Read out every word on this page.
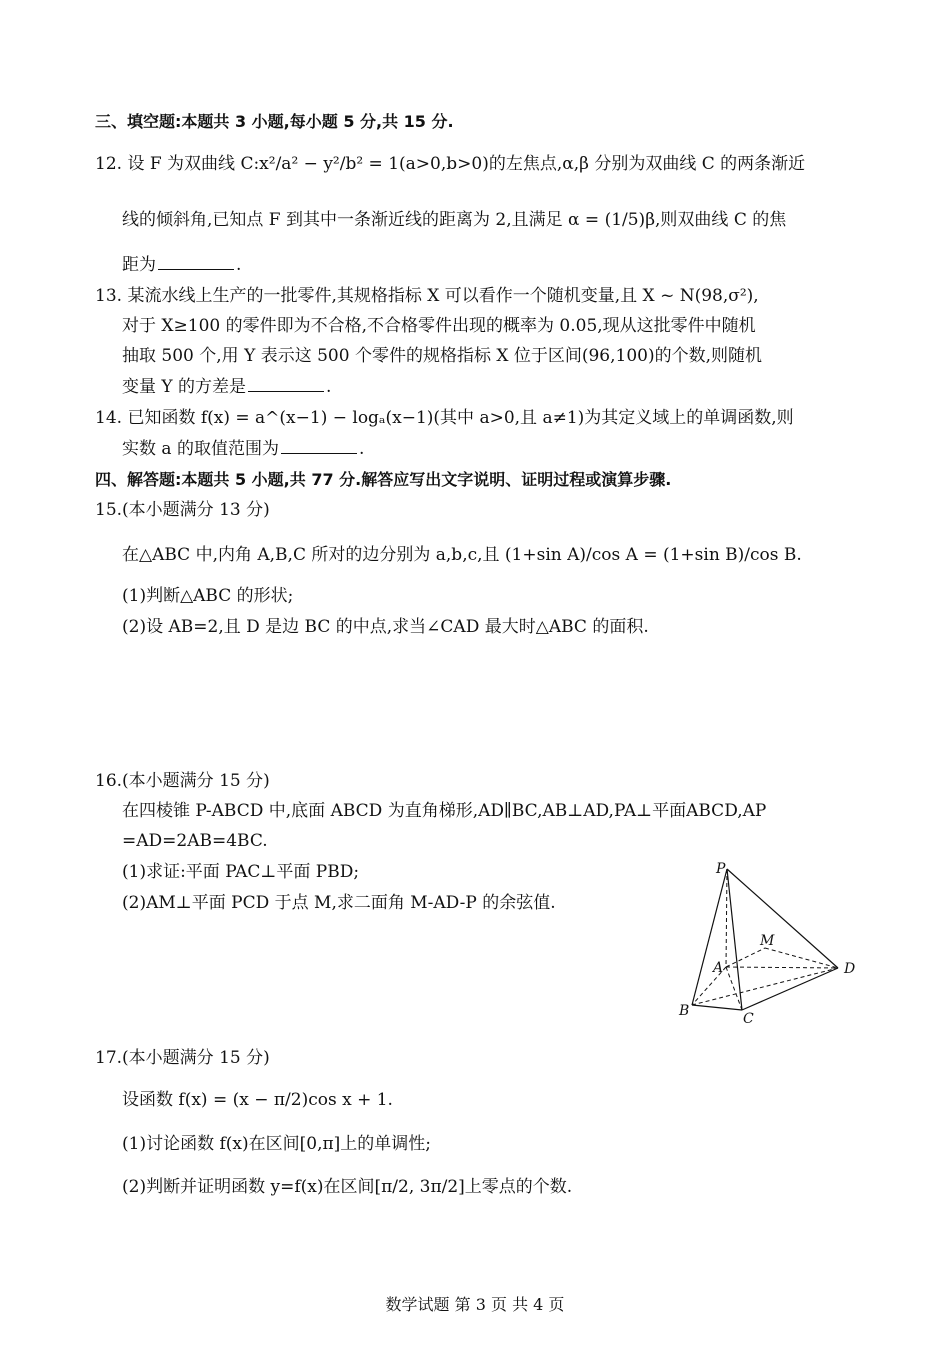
三、填空题:本题共 3 小题,每小题 5 分,共 15 分.
12. 设 F 为双曲线 C:x²/a² − y²/b² = 1(a>0,b>0)的左焦点,α,β 分别为双曲线 C 的两条渐近
线的倾斜角,已知点 F 到其中一条渐近线的距离为 2,且满足 α = (1/5)β,则双曲线 C 的焦
距为	.
13. 某流水线上生产的一批零件,其规格指标 X 可以看作一个随机变量,且 X ~ N(98,σ²),
对于 X≥100 的零件即为不合格,不合格零件出现的概率为 0.05,现从这批零件中随机
抽取 500 个,用 Y 表示这 500 个零件的规格指标 X 位于区间(96,100)的个数,则随机
变量 Y 的方差是	.
14. 已知函数 f(x) = a^(x−1) − logₐ(x−1)(其中 a>0,且 a≠1)为其定义域上的单调函数,则
实数 a 的取值范围为	.
四、解答题:本题共 5 小题,共 77 分.解答应写出文字说明、证明过程或演算步骤.
15.(本小题满分 13 分)
在△ABC 中,内角 A,B,C 所对的边分别为 a,b,c,且 (1+sin A)/cos A = (1+sin B)/cos B.
(1)判断△ABC 的形状;
(2)设 AB=2,且 D 是边 BC 的中点,求当∠CAD 最大时△ABC 的面积.
16.(本小题满分 15 分)
在四棱锥 P-ABCD 中,底面 ABCD 为直角梯形,AD∥BC,AB⊥AD,PA⊥平面ABCD,AP
=AD=2AB=4BC.
(1)求证:平面 PAC⊥平面 PBD;
(2)AM⊥平面 PCD 于点 M,求二面角 M-AD-P 的余弦值.
P
M
A	D
B	C
17.(本小题满分 15 分)
设函数 f(x) = (x − π/2)cos x + 1.
(1)讨论函数 f(x)在区间[0,π]上的单调性;
(2)判断并证明函数 y=f(x)在区间[π/2, 3π/2]上零点的个数.
数学试题 第 3 页 共 4 页
